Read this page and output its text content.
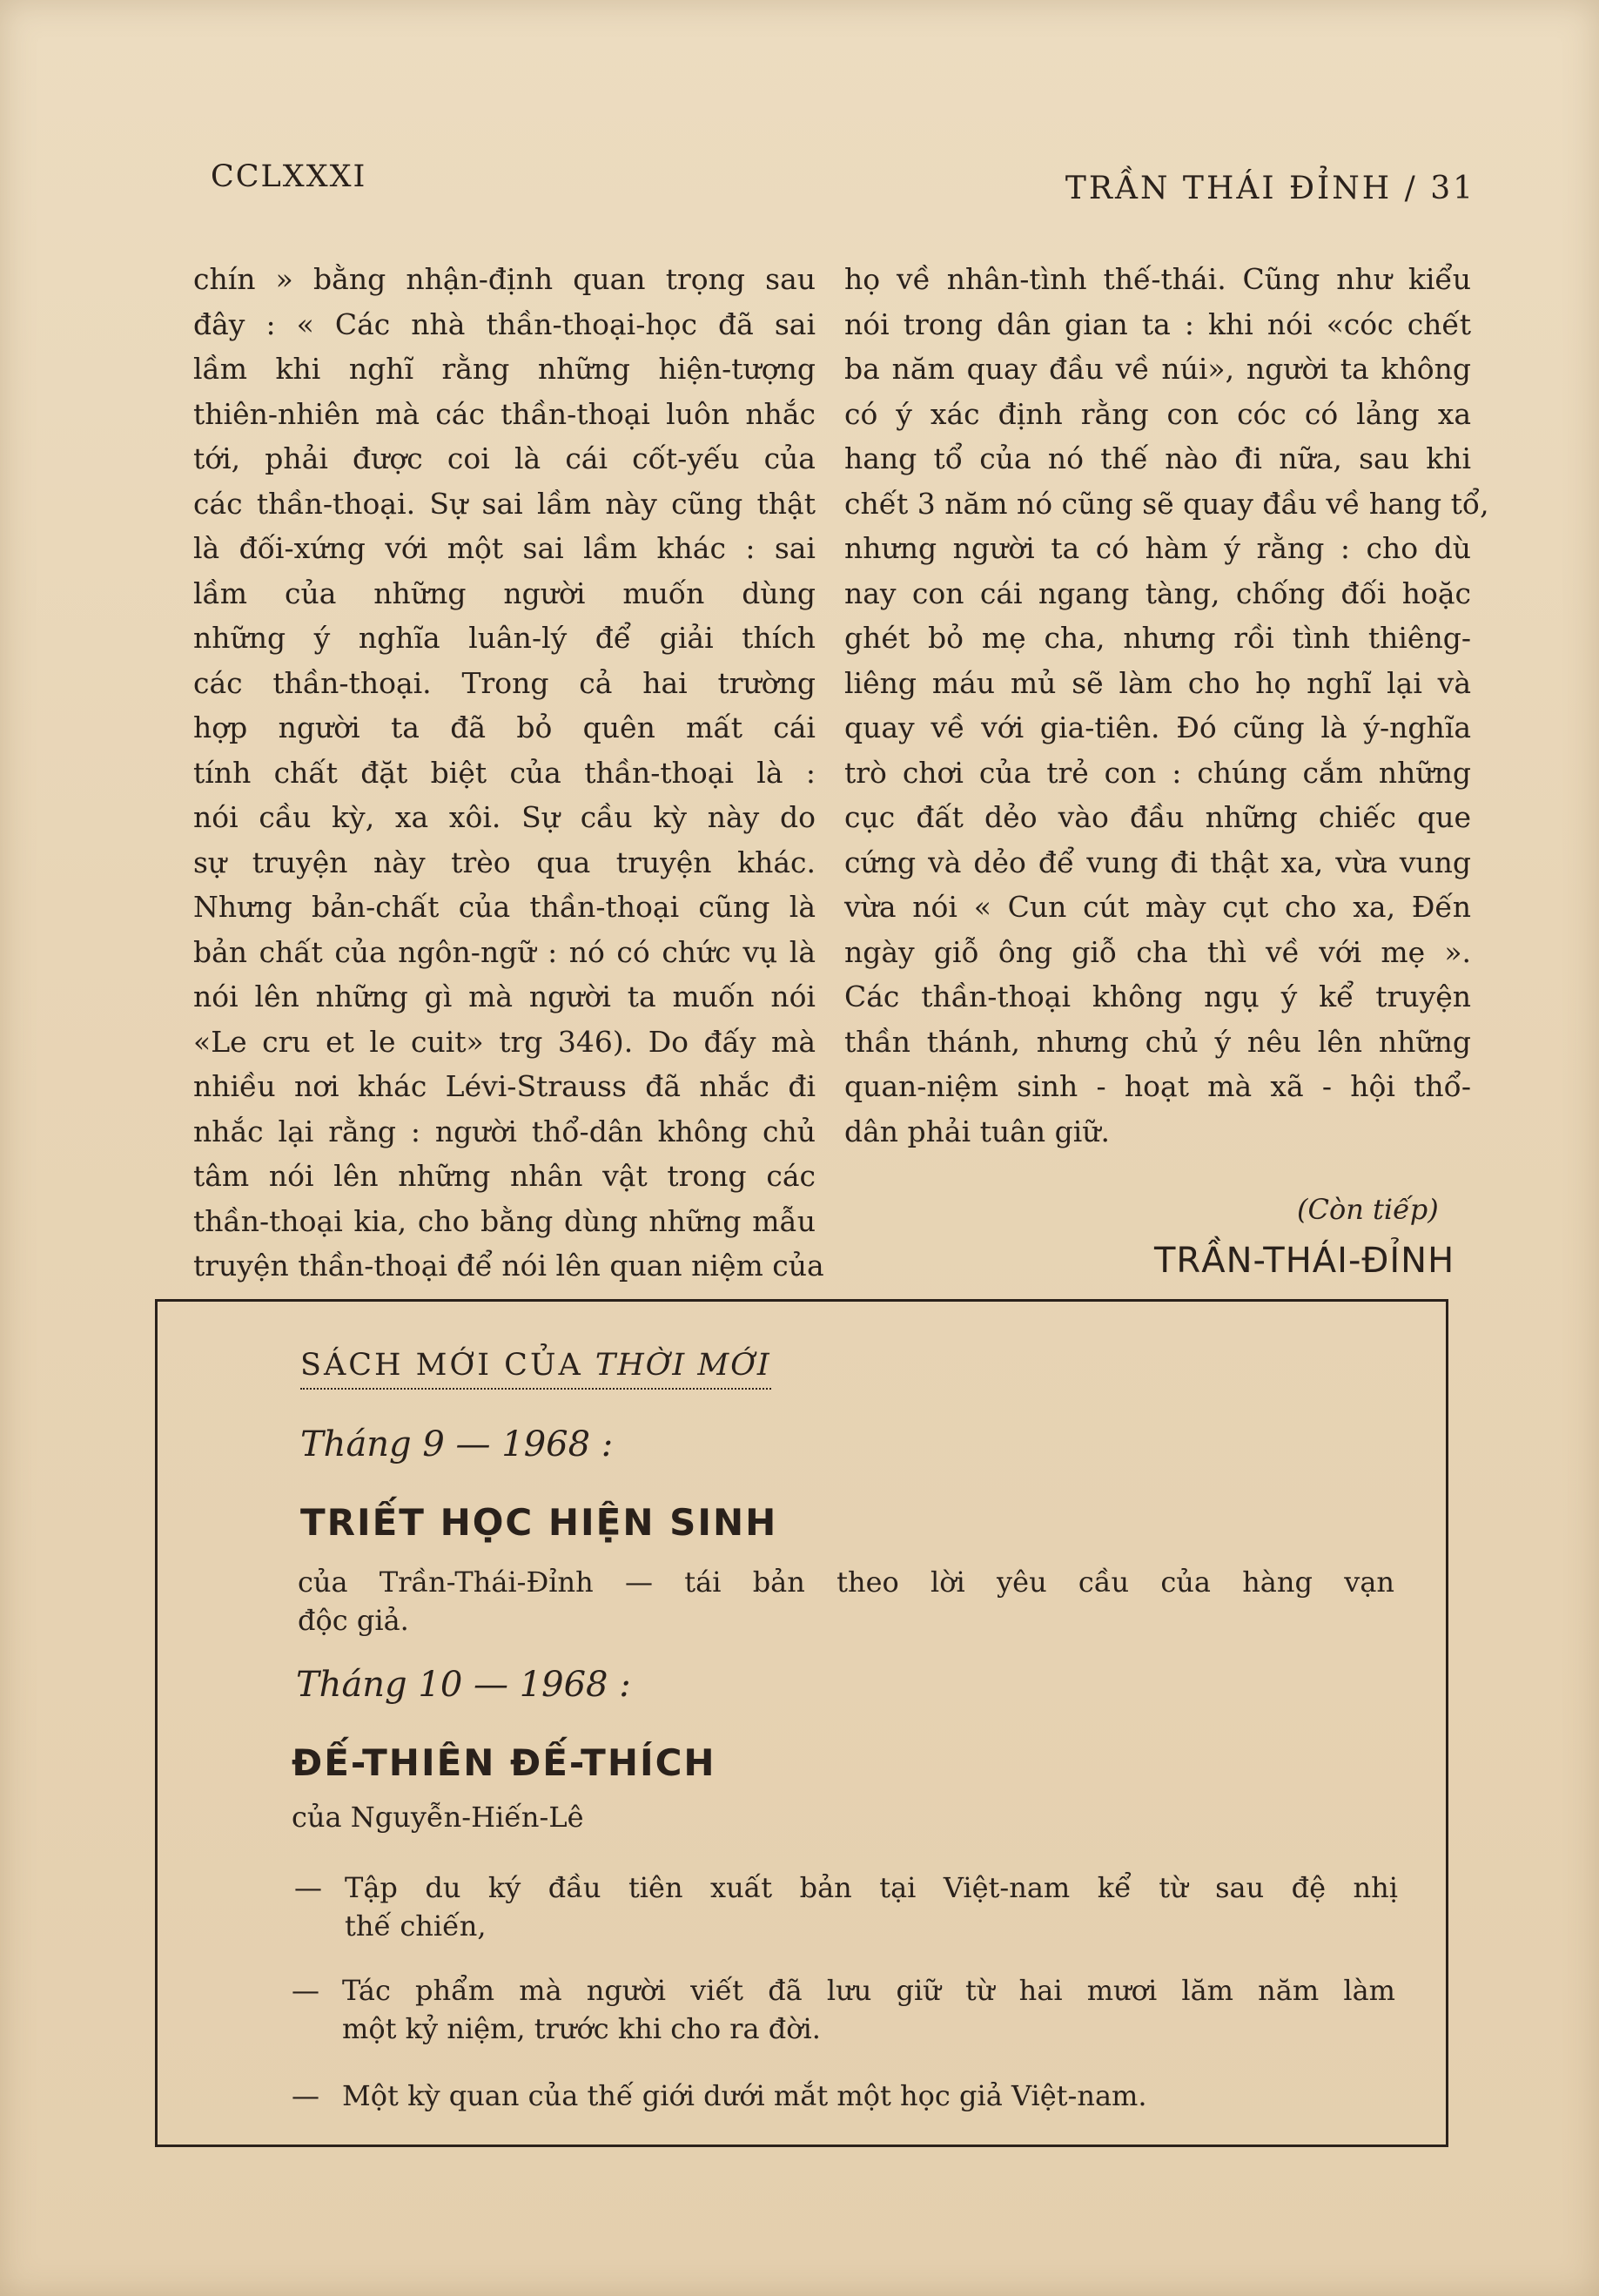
CCLXXXI	TRẦN THÁI ĐỈNH / 31
chín » bằng nhận-định quan trọng sau
đây : « Các nhà thần-thoại-học đã sai
lầm khi nghĩ rằng những hiện-tượng
thiên-nhiên mà các thần-thoại luôn nhắc
tới, phải được coi là cái cốt-yếu của
các thần-thoại. Sự sai lầm này cũng thật
là đối-xứng với một sai lầm khác : sai
lầm của những người muốn dùng
những ý nghĩa luân-lý để giải thích
các thần-thoại. Trong cả hai trường
hợp người ta đã bỏ quên mất cái
tính chất đặt biệt của thần-thoại là :
nói cầu kỳ, xa xôi. Sự cầu kỳ này do
sự truyện này trèo qua truyện khác.
Nhưng bản-chất của thần-thoại cũng là
bản chất của ngôn-ngữ : nó có chức vụ là
nói lên những gì mà người ta muốn nói
«Le cru et le cuit» trg 346). Do đấy mà
nhiều nơi khác Lévi-Strauss đã nhắc đi
nhắc lại rằng : người thổ-dân không chủ
tâm nói lên những nhân vật trong các
thần-thoại kia, cho bằng dùng những mẫu
truyện thần-thoại để nói lên quan niệm của
họ về nhân-tình thế-thái. Cũng như kiểu
nói trong dân gian ta : khi nói «cóc chết
ba năm quay đầu về núi», người ta không
có ý xác định rằng con cóc có lảng xa
hang tổ của nó thế nào đi nữa, sau khi
chết 3 năm nó cũng sẽ quay đầu về hang tổ,
nhưng người ta có hàm ý rằng : cho dù
nay con cái ngang tàng, chống đối hoặc
ghét bỏ mẹ cha, nhưng rồi tình thiêng-
liêng máu mủ sẽ làm cho họ nghĩ lại và
quay về với gia-tiên. Đó cũng là ý-nghĩa
trò chơi của trẻ con : chúng cắm những
cục đất dẻo vào đầu những chiếc que
cứng và dẻo để vung đi thật xa, vừa vung
vừa nói « Cun cút mày cụt cho xa, Đến
ngày giỗ ông giỗ cha thì về với mẹ ».
Các thần-thoại không ngụ ý kể truyện
thần thánh, nhưng chủ ý nêu lên những
quan-niệm sinh - hoạt mà xã - hội thổ-
dân phải tuân giữ.
(Còn tiếp)
TRẦN-THÁI-ĐỈNH
SÁCH MỚI CỦA THỜI MỚI
Tháng 9 — 1968 :
TRIẾT HỌC HIỆN SINH
của Trần-Thái-Đỉnh — tái bản theo lời yêu cầu của hàng vạn
độc giả.
Tháng 10 — 1968 :
ĐẾ-THIÊN ĐẾ-THÍCH
của Nguyễn-Hiến-Lê
— Tập du ký đầu tiên xuất bản tại Việt-nam kể từ sau đệ nhị
thế chiến,
— Tác phẩm mà người viết đã lưu giữ từ hai mươi lăm năm làm
một kỷ niệm, trước khi cho ra đời.
— Một kỳ quan của thế giới dưới mắt một học giả Việt-nam.
